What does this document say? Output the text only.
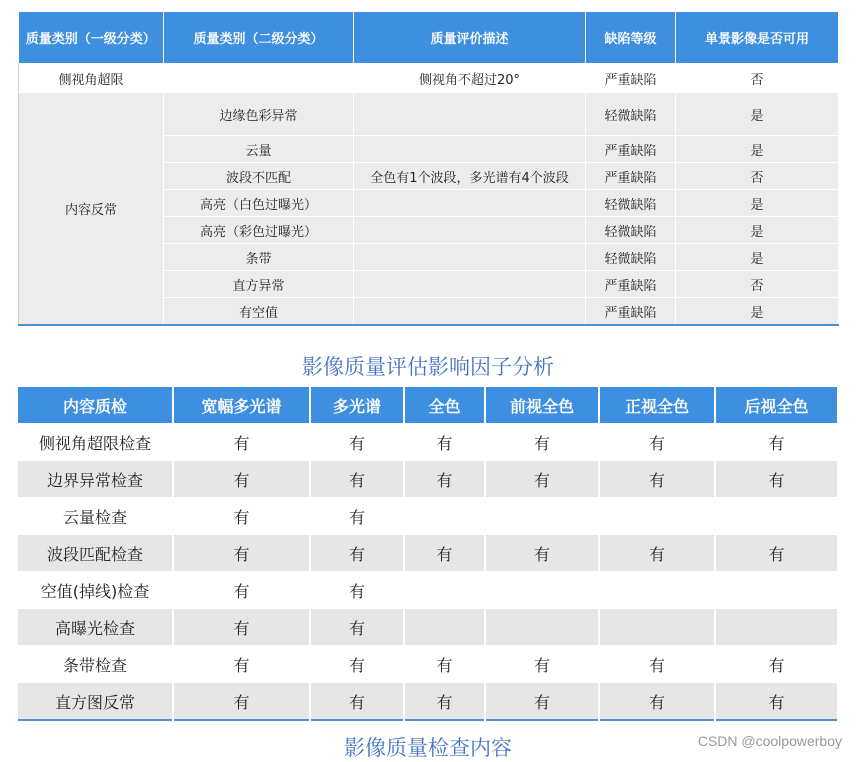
质量类别（一级分类）	质量类别（二级分类）	质量评价描述	缺陷等级	单景影像是否可用
侧视角超限		侧视角不超过20°	严重缺陷	否
内容反常	边缘色彩异常		轻微缺陷	是
	云量		严重缺陷	是
	波段不匹配	全色有1个波段，多光谱有4个波段	严重缺陷	否
	高亮（白色过曝光）		轻微缺陷	是
	高亮（彩色过曝光）		轻微缺陷	是
	条带		轻微缺陷	是
	直方异常		严重缺陷	否
	有空值		严重缺陷	是
影像质量评估影响因子分析
内容质检	宽幅多光谱	多光谱	全色	前视全色	正视全色	后视全色
侧视角超限检查	有	有	有	有	有	有
边界异常检查	有	有	有	有	有	有
云量检查	有	有				
波段匹配检查	有	有	有	有	有	有
空值(掉线)检查	有	有				
高曝光检查	有	有				
条带检查	有	有	有	有	有	有
直方图反常	有	有	有	有	有	有
影像质量检查内容	CSDN @coolpowerboy
